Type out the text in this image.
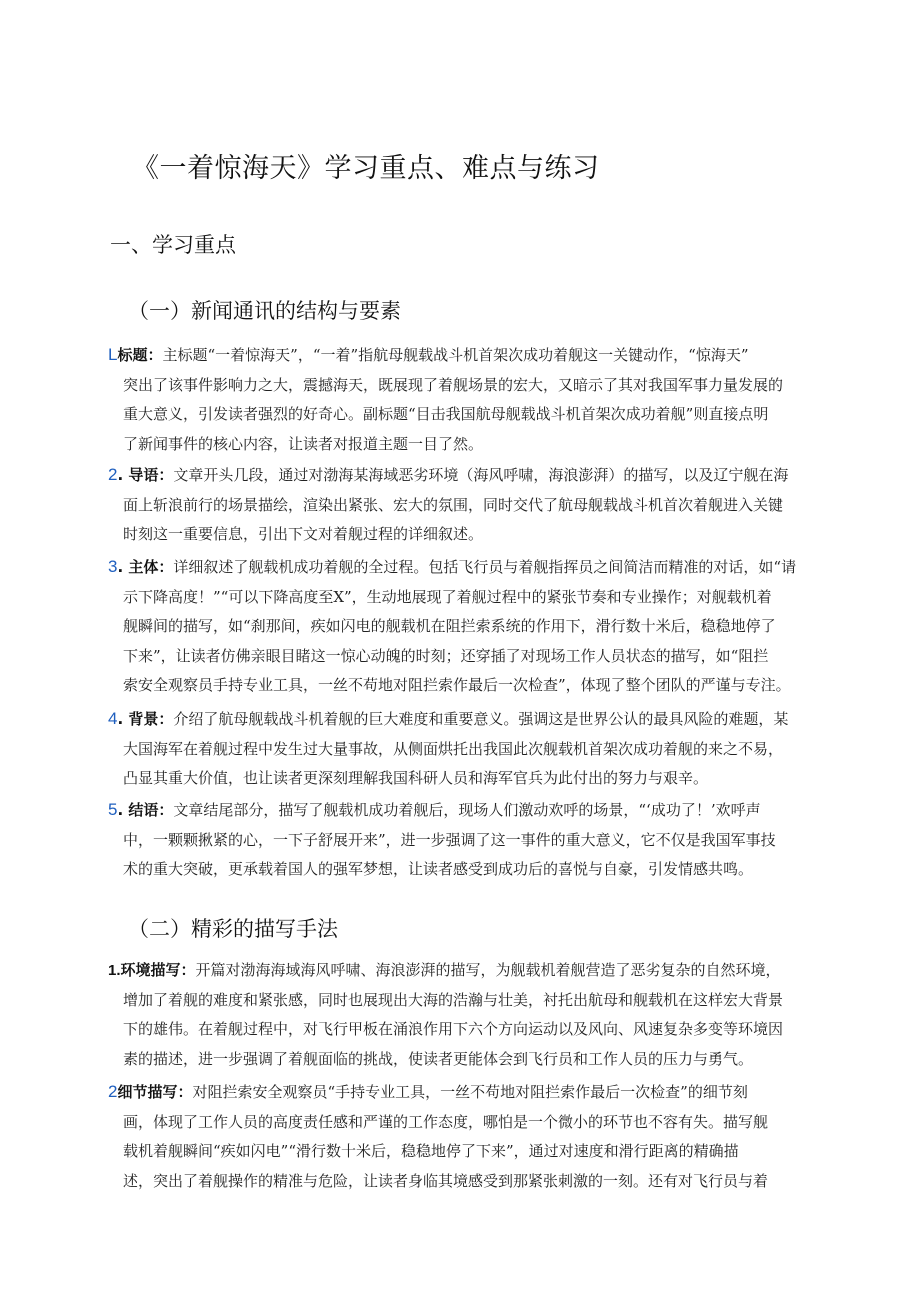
《一着惊海天》学习重点、难点与练习
一、学习重点
（一）新闻通讯的结构与要素
L标题：主标题“一着惊海天”，“一着”指航母舰载战斗机首架次成功着舰这一关键动作，“惊海天”
突出了该事件影响力之大，震撼海天，既展现了着舰场景的宏大，又暗示了其对我国军事力量发展的
重大意义，引发读者强烈的好奇心。副标题“目击我国航母舰载战斗机首架次成功着舰”则直接点明
了新闻事件的核心内容，让读者对报道主题一目了然。
2. 导语：文章开头几段，通过对渤海某海域恶劣环境（海风呼啸，海浪澎湃）的描写，以及辽宁舰在海
面上斩浪前行的场景描绘，渲染出紧张、宏大的氛围，同时交代了航母舰载战斗机首次着舰进入关键
时刻这一重要信息，引出下文对着舰过程的详细叙述。
3. 主体：详细叙述了舰载机成功着舰的全过程。包括飞行员与着舰指挥员之间简洁而精准的对话，如“请
示下降高度！”“可以下降高度至X”，生动地展现了着舰过程中的紧张节奏和专业操作；对舰载机着
舰瞬间的描写，如“刹那间，疾如闪电的舰载机在阻拦索系统的作用下，滑行数十米后，稳稳地停了
下来”，让读者仿佛亲眼目睹这一惊心动魄的时刻；还穿插了对现场工作人员状态的描写，如“阻拦
索安全观察员手持专业工具，一丝不苟地对阻拦索作最后一次检查”，体现了整个团队的严谨与专注。
4. 背景：介绍了航母舰载战斗机着舰的巨大难度和重要意义。强调这是世界公认的最具风险的难题，某
大国海军在着舰过程中发生过大量事故，从侧面烘托出我国此次舰载机首架次成功着舰的来之不易，
凸显其重大价值，也让读者更深刻理解我国科研人员和海军官兵为此付出的努力与艰辛。
5. 结语：文章结尾部分，描写了舰载机成功着舰后，现场人们激动欢呼的场景，“‘成功了！’欢呼声
中，一颗颗揪紧的心，一下子舒展开来”，进一步强调了这一事件的重大意义，它不仅是我国军事技
术的重大突破，更承载着国人的强军梦想，让读者感受到成功后的喜悦与自豪，引发情感共鸣。
（二）精彩的描写手法
1.环境描写：开篇对渤海海域海风呼啸、海浪澎湃的描写，为舰载机着舰营造了恶劣复杂的自然环境，
增加了着舰的难度和紧张感，同时也展现出大海的浩瀚与壮美，衬托出航母和舰载机在这样宏大背景
下的雄伟。在着舰过程中，对飞行甲板在涌浪作用下六个方向运动以及风向、风速复杂多变等环境因
素的描述，进一步强调了着舰面临的挑战，使读者更能体会到飞行员和工作人员的压力与勇气。
2细节描写：对阻拦索安全观察员“手持专业工具，一丝不苟地对阻拦索作最后一次检查”的细节刻
画，体现了工作人员的高度责任感和严谨的工作态度，哪怕是一个微小的环节也不容有失。描写舰
载机着舰瞬间“疾如闪电”“滑行数十米后，稳稳地停了下来”，通过对速度和滑行距离的精确描
述，突出了着舰操作的精准与危险，让读者身临其境感受到那紧张刺激的一刻。还有对飞行员与着
